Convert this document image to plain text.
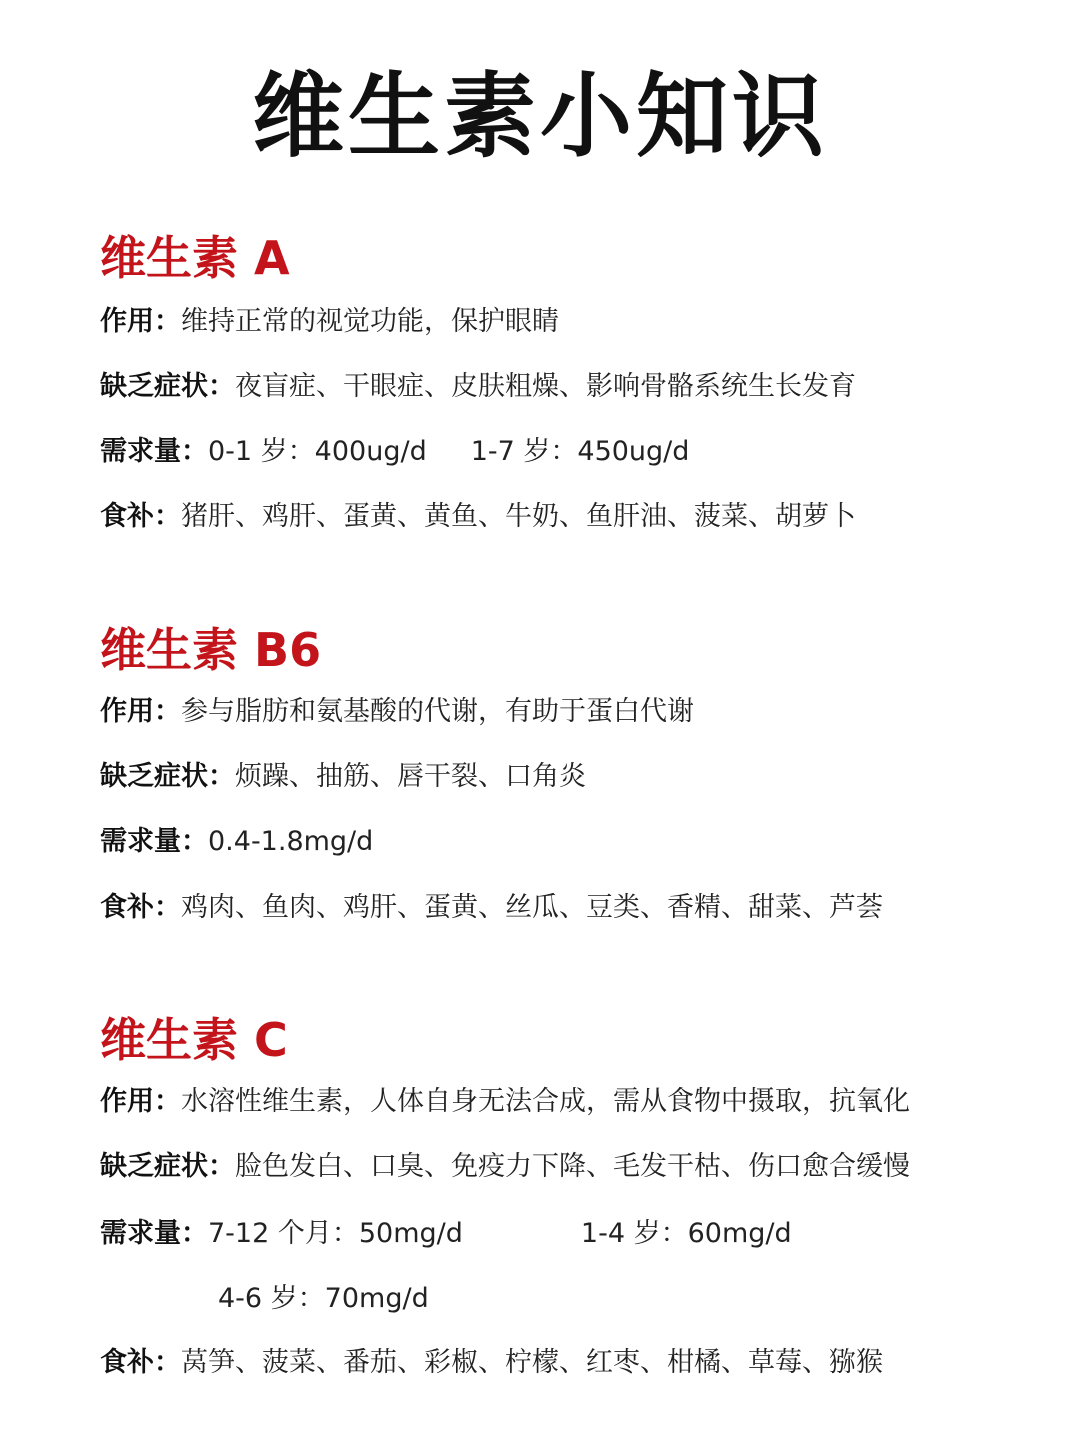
维生素小知识
维生素 A
作用：维持正常的视觉功能，保护眼睛
缺乏症状：夜盲症、干眼症、皮肤粗燥、影响骨骼系统生长发育
需求量：0-1 岁：400ug/d 1-7 岁：450ug/d
食补：猪肝、鸡肝、蛋黄、黄鱼、牛奶、鱼肝油、菠菜、胡萝卜
维生素 B6
作用：参与脂肪和氨基酸的代谢，有助于蛋白代谢
缺乏症状：烦躁、抽筋、唇干裂、口角炎
需求量：0.4-1.8mg/d
食补：鸡肉、鱼肉、鸡肝、蛋黄、丝瓜、豆类、香精、甜菜、芦荟
维生素 C
作用：水溶性维生素，人体自身无法合成，需从食物中摄取，抗氧化
缺乏症状：脸色发白、口臭、免疫力下降、毛发干枯、伤口愈合缓慢
需求量：7-12 个月：50mg/d	1-4 岁：60mg/d
4-6 岁：70mg/d
食补：莴笋、菠菜、番茄、彩椒、柠檬、红枣、柑橘、草莓、猕猴
